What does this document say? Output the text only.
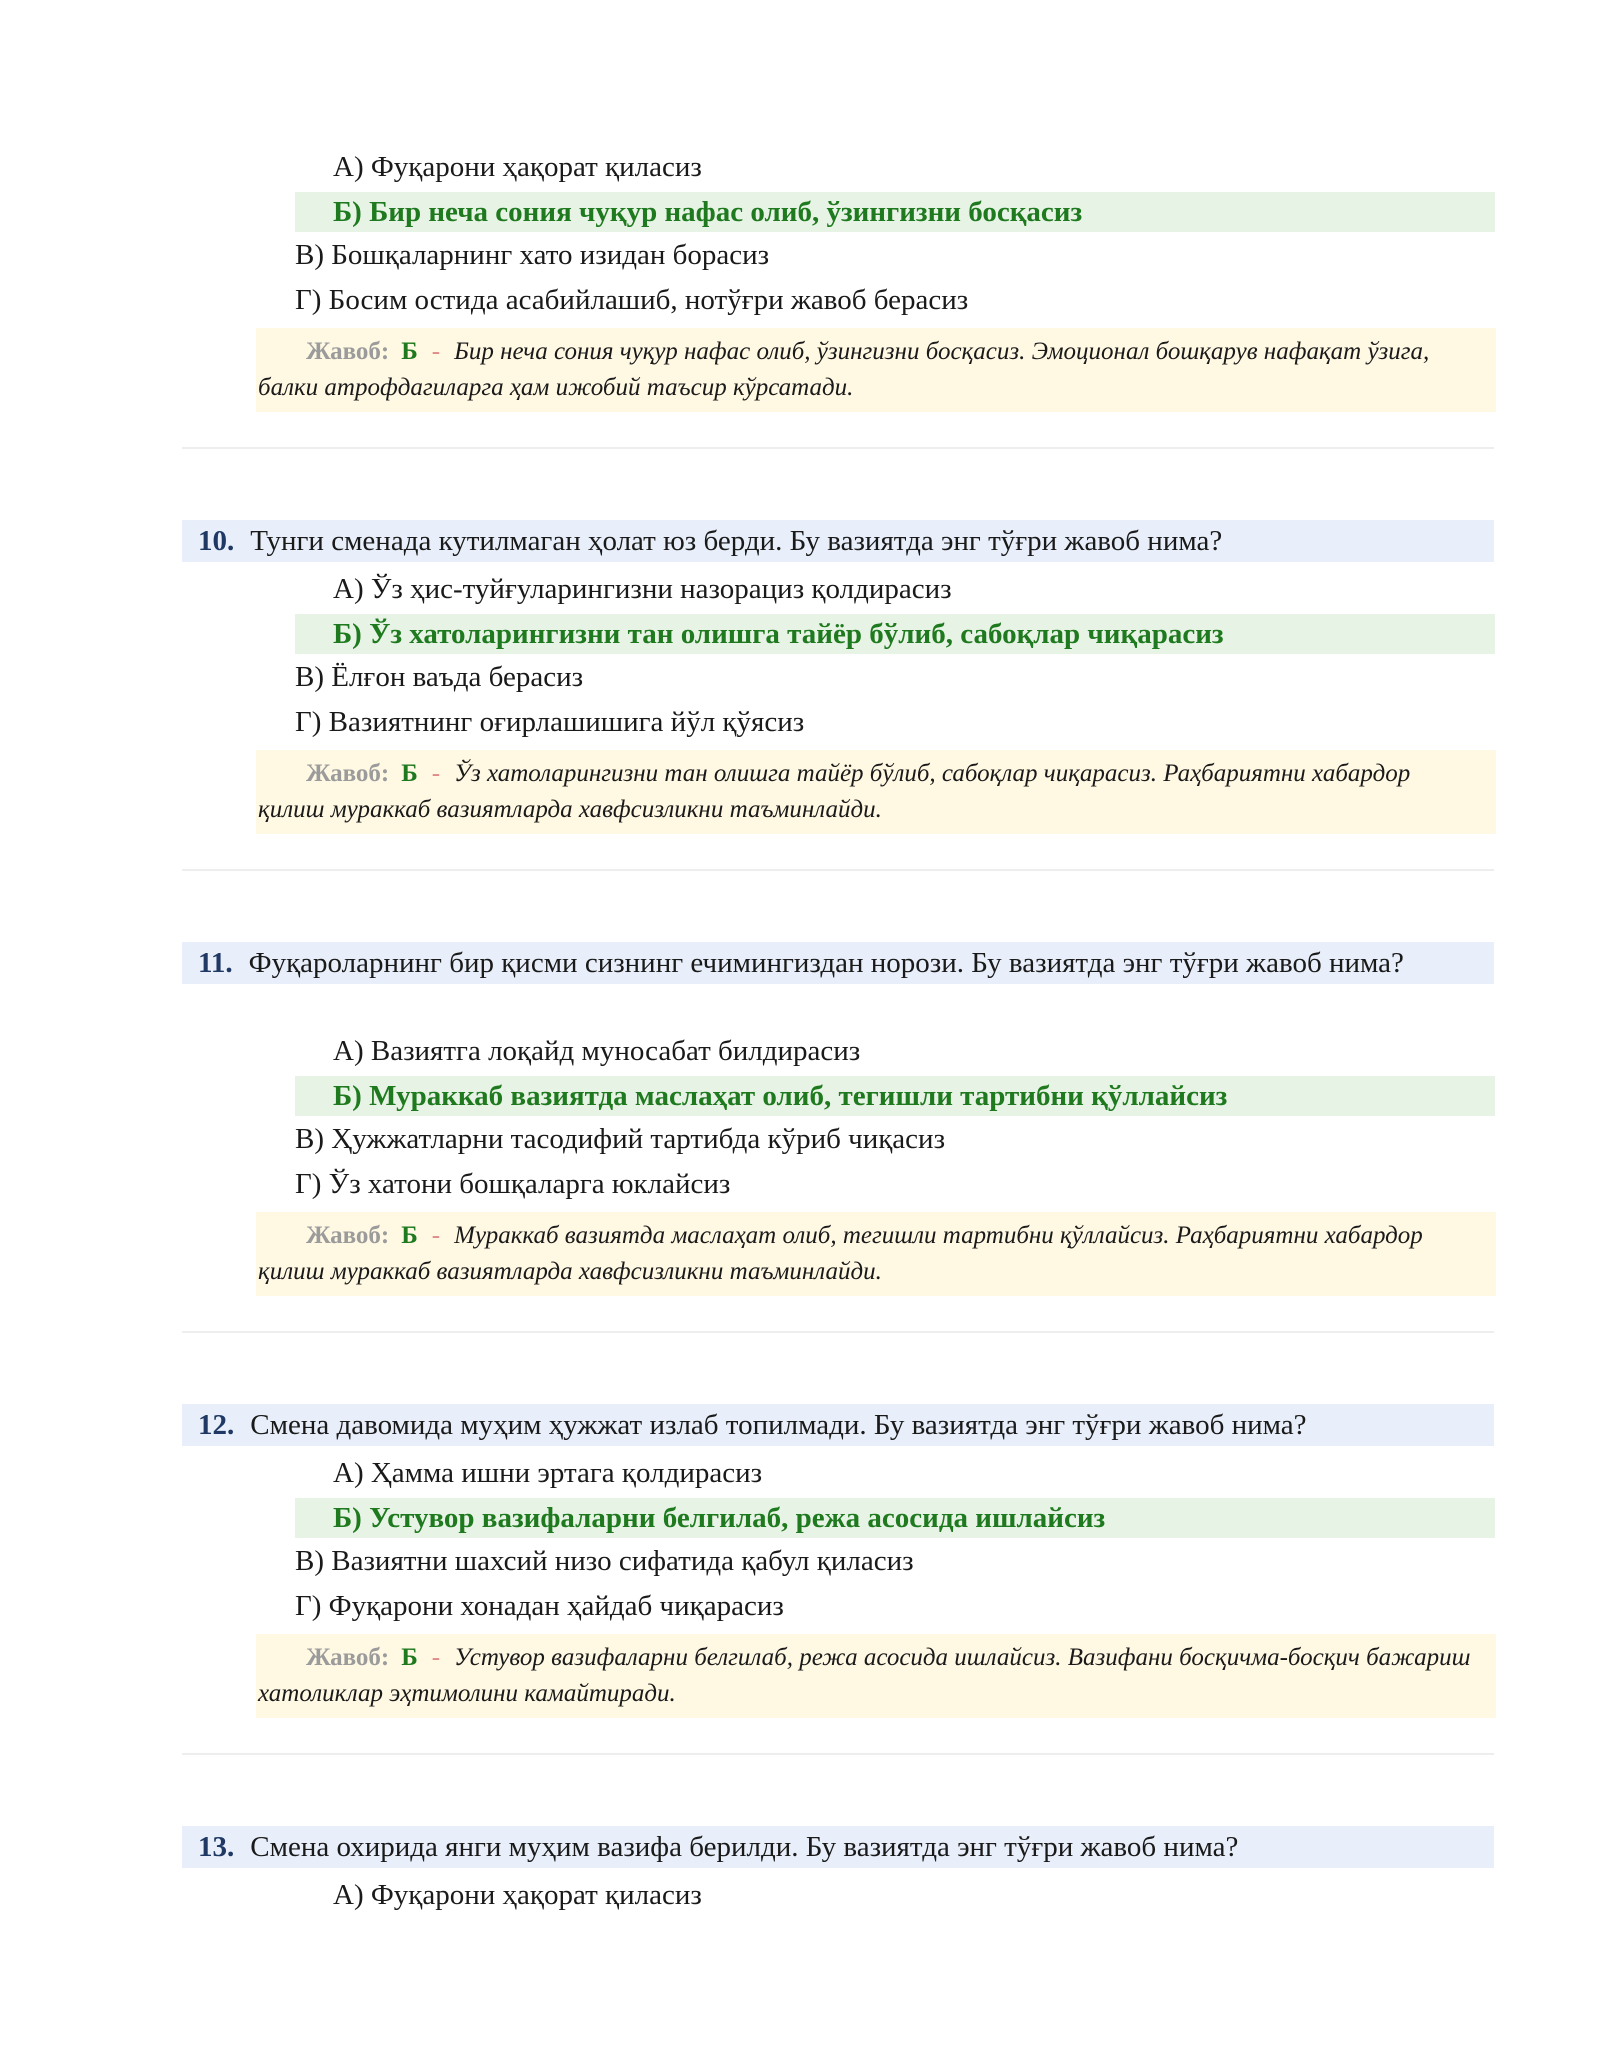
А) Фуқарони ҳақорат қиласиз
Б) Бир неча сония чуқур нафас олиб, ўзингизни босқасиз
В) Бошқаларнинг хато изидан борасиз
Г) Босим остида асабийлашиб, нотўғри жавоб берасиз
Жавоб: Б - Бир неча сония чуқур нафас олиб, ўзингизни босқасиз. Эмоционал бошқарув нафақат ўзига, балки атрофдагиларга ҳам ижобий таъсир кўрсатади.
10. Тунги сменада кутилмаган ҳолат юз берди. Бу вазиятда энг тўғри жавоб нима?
А) Ўз ҳис-туйғуларингизни назорациз қолдирасиз
Б) Ўз хатоларингизни тан олишга тайёр бўлиб, сабоқлар чиқарасиз
В) Ёлғон ваъда берасиз
Г) Вазиятнинг оғирлашишига йўл қўясиз
Жавоб: Б - Ўз хатоларингизни тан олишга тайёр бўлиб, сабоқлар чиқарасиз. Раҳбариятни хабардор қилиш мураккаб вазиятларда хавфсизликни таъминлайди.
11. Фуқароларнинг бир қисми сизнинг ечимингиздан норози. Бу вазиятда энг тўғри жавоб нима?
А) Вазиятга лоқайд муносабат билдирасиз
Б) Мураккаб вазиятда маслаҳат олиб, тегишли тартибни қўллайсиз
В) Ҳужжатларни тасодифий тартибда кўриб чиқасиз
Г) Ўз хатони бошқаларга юклайсиз
Жавоб: Б - Мураккаб вазиятда маслаҳат олиб, тегишли тартибни қўллайсиз. Раҳбариятни хабардор қилиш мураккаб вазиятларда хавфсизликни таъминлайди.
12. Смена давомида муҳим ҳужжат излаб топилмади. Бу вазиятда энг тўғри жавоб нима?
А) Ҳамма ишни эртага қолдирасиз
Б) Устувор вазифаларни белгилаб, режа асосида ишлайсиз
В) Вазиятни шахсий низо сифатида қабул қиласиз
Г) Фуқарони хонадан ҳайдаб чиқарасиз
Жавоб: Б - Устувор вазифаларни белгилаб, режа асосида ишлайсиз. Вазифани босқичма-босқич бажариш хатоликлар эҳтимолини камайтиради.
13. Смена охирида янги муҳим вазифа берилди. Бу вазиятда энг тўғри жавоб нима?
А) Фуқарони ҳақорат қиласиз
